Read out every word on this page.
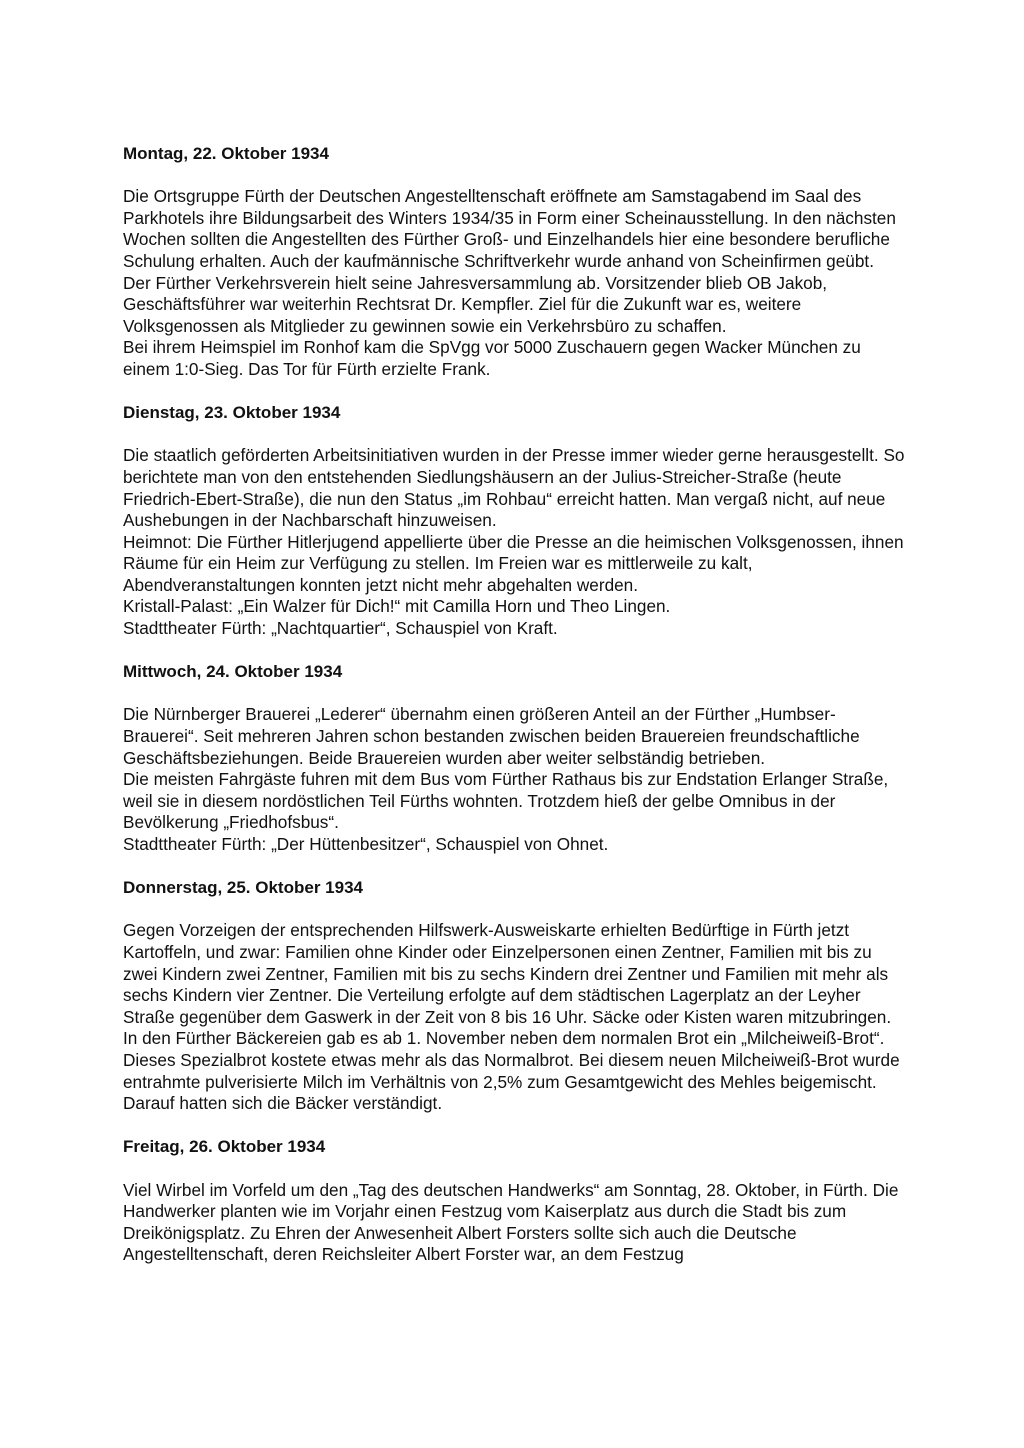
Montag, 22. Oktober 1934

Die Ortsgruppe Fürth der Deutschen Angestelltenschaft eröffnete am Samstagabend im Saal des Parkhotels ihre Bildungsarbeit des Winters 1934/35 in Form einer Scheinausstellung. In den nächsten Wochen sollten die Angestellten des Fürther Groß- und Einzelhandels hier eine besondere berufliche Schulung erhalten. Auch der kaufmännische Schriftverkehr wurde anhand von Scheinfirmen geübt.

Der Fürther Verkehrsverein hielt seine Jahresversammlung ab. Vorsitzender blieb OB Jakob, Geschäftsführer war weiterhin Rechtsrat Dr. Kempfler. Ziel für die Zukunft war es, weitere Volksgenossen als Mitglieder zu gewinnen sowie ein Verkehrsbüro zu schaffen.

Bei ihrem Heimspiel im Ronhof kam die SpVgg vor 5000 Zuschauern gegen Wacker München zu einem 1:0-Sieg. Das Tor für Fürth erzielte Frank.

Dienstag, 23. Oktober 1934

Die staatlich geförderten Arbeitsinitiativen wurden in der Presse immer wieder gerne herausgestellt. So berichtete man von den entstehenden Siedlungshäusern an der Julius-Streicher-Straße (heute Friedrich-Ebert-Straße), die nun den Status „im Rohbau“ erreicht hatten. Man vergaß nicht, auf neue Aushebungen in der Nachbarschaft hinzuweisen.

Heimnot: Die Fürther Hitlerjugend appellierte über die Presse an die heimischen Volksgenossen, ihnen Räume für ein Heim zur Verfügung zu stellen. Im Freien war es mittlerweile zu kalt, Abendveranstaltungen konnten jetzt nicht mehr abgehalten werden.

Kristall-Palast: „Ein Walzer für Dich!“ mit Camilla Horn und Theo Lingen.

Stadttheater Fürth: „Nachtquartier“, Schauspiel von Kraft.

Mittwoch, 24. Oktober 1934

Die Nürnberger Brauerei „Lederer“ übernahm einen größeren Anteil an der Fürther „Humbser-Brauerei“. Seit mehreren Jahren schon bestanden zwischen beiden Brauereien freundschaftliche Geschäftsbeziehungen. Beide Brauereien wurden aber weiter selbständig betrieben.

Die meisten Fahrgäste fuhren mit dem Bus vom Fürther Rathaus bis zur Endstation Erlanger Straße, weil sie in diesem nordöstlichen Teil Fürths wohnten. Trotzdem hieß der gelbe Omnibus in der Bevölkerung „Friedhofsbus“.

Stadttheater Fürth: „Der Hüttenbesitzer“, Schauspiel von Ohnet.

Donnerstag, 25. Oktober 1934

Gegen Vorzeigen der entsprechenden Hilfswerk-Ausweiskarte erhielten Bedürftige in Fürth jetzt Kartoffeln, und zwar: Familien ohne Kinder oder Einzelpersonen einen Zentner, Familien mit bis zu zwei Kindern zwei Zentner, Familien mit bis zu sechs Kindern drei Zentner und Familien mit mehr als sechs Kindern vier Zentner. Die Verteilung erfolgte auf dem städtischen Lagerplatz an der Leyher Straße gegenüber dem Gaswerk in der Zeit von 8 bis 16 Uhr. Säcke oder Kisten waren mitzubringen.

In den Fürther Bäckereien gab es ab 1. November neben dem normalen Brot ein „Milcheiweiß-Brot“. Dieses Spezialbrot kostete etwas mehr als das Normalbrot. Bei diesem neuen Milcheiweiß-Brot wurde entrahmte pulverisierte Milch im Verhältnis von 2,5% zum Gesamtgewicht des Mehles beigemischt. Darauf hatten sich die Bäcker verständigt.

Freitag, 26. Oktober 1934

Viel Wirbel im Vorfeld um den „Tag des deutschen Handwerks“ am Sonntag, 28. Oktober, in Fürth. Die Handwerker planten wie im Vorjahr einen Festzug vom Kaiserplatz aus durch die Stadt bis zum Dreikönigsplatz. Zu Ehren der Anwesenheit Albert Forsters sollte sich auch die Deutsche Angestelltenschaft, deren Reichsleiter Albert Forster war, an dem Festzug
